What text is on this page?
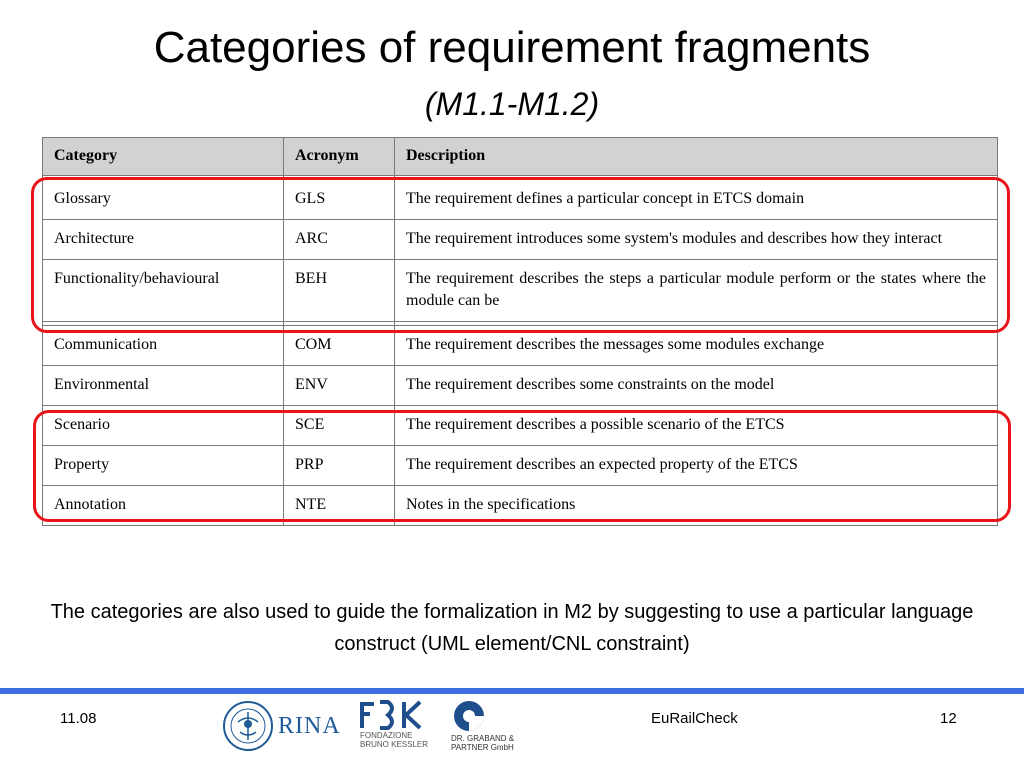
Categories of requirement fragments
(M1.1-M1.2)
Category	Acronym	Description

Glossary	GLS	The requirement defines a particular concept in ETCS domain
Architecture	ARC	The requirement introduces some system's modules and describes how they interact
Functionality/behavioural	BEH	The requirement describes the steps a particular module perform or the states where the module can be

Communication	COM	The requirement describes the messages some modules exchange
Environmental	ENV	The requirement describes some constraints on the model
Scenario	SCE	The requirement describes a possible scenario of the ETCS
Property	PRP	The requirement describes an expected property of the ETCS
Annotation	NTE	Notes in the specifications
The categories are also used to guide the formalization in M2 by suggesting to use a particular language construct (UML element/CNL constraint)
11.08	RINA FONDAZIONE BRUNO KESSLER
DR. GRABAND & PARTNER GmbH
EuRailCheck	12
